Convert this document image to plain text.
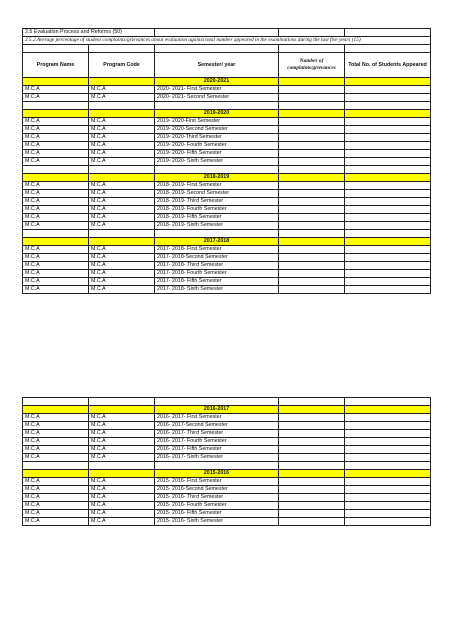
2.5 Evaluation Process and Reforms (50)				
2.5.2.Average percentage of student complaints/grievances about evaluation against total number appeared in the examinations during the last five years (15)				

Program Name	Program Code	Semester/ year	Number of complaints/grievances	Total No. of Students Appeared
		2020-2021		
M.C.A	M.C.A	2020- 2021- First Semester		
M.C.A	M.C.A	2020- 2021- Second Semester		

		2019-2020		
M.C.A	M.C.A	2019- 2020-First Semester		
M.C.A	M.C.A	2019- 2020-Second Semester		
M.C.A	M.C.A	2019- 2020-Third Semester		
M.C.A	M.C.A	2019- 2020- Fourth Semester		
M.C.A	M.C.A	2019- 2020- Fifth Semester		
M.C.A	M.C.A	2019- 2020- Sixth Semester		

		2018-2019		
M.C.A	M.C.A	2018- 2019- First Semester		
M.C.A	M.C.A	2018- 2019- Second Semester		
M.C.A	M.C.A	2018- 2019- Third Semester		
M.C.A	M.C.A	2018- 2019- Fourth Semester		
M.C.A	M.C.A	2018- 2019- Fifth Semester		
M.C.A	M.C.A	2018- 2019- Sixth Semester		

		2017-2018		
M.C.A	M.C.A	2017- 2018- First Semester		
M.C.A	M.C.A	2017- 2018-Second Semester		
M.C.A	M.C.A	2017- 2018- Third Semester		
M.C.A	M.C.A	2017- 2018- Fourth Semester		
M.C.A	M.C.A	2017- 2018- Fifth Semester		
M.C.A	M.C.A	2017- 2018- Sixth Semester		

		2016-2017		
M.C.A	M.C.A	2016- 2017- First Semester		
M.C.A	M.C.A	2016- 2017-Second Semester		
M.C.A	M.C.A	2016- 2017- Third Semester		
M.C.A	M.C.A	2016- 2017- Fourth Semester		
M.C.A	M.C.A	2016- 2017- Fifth Semester		
M.C.A	M.C.A	2016- 2017- Sixth Semester		

		2015-2016		
M.C.A	M.C.A	2015- 2016- First Semester		
M.C.A	M.C.A	2015- 2016-Second Semester		
M.C.A	M.C.A	2015- 2016- Third Semester		
M.C.A	M.C.A	2015- 2016- Fourth Semester		
M.C.A	M.C.A	2015- 2016- Fifth Semester		
M.C.A	M.C.A	2015- 2016- Sixth Semester		
